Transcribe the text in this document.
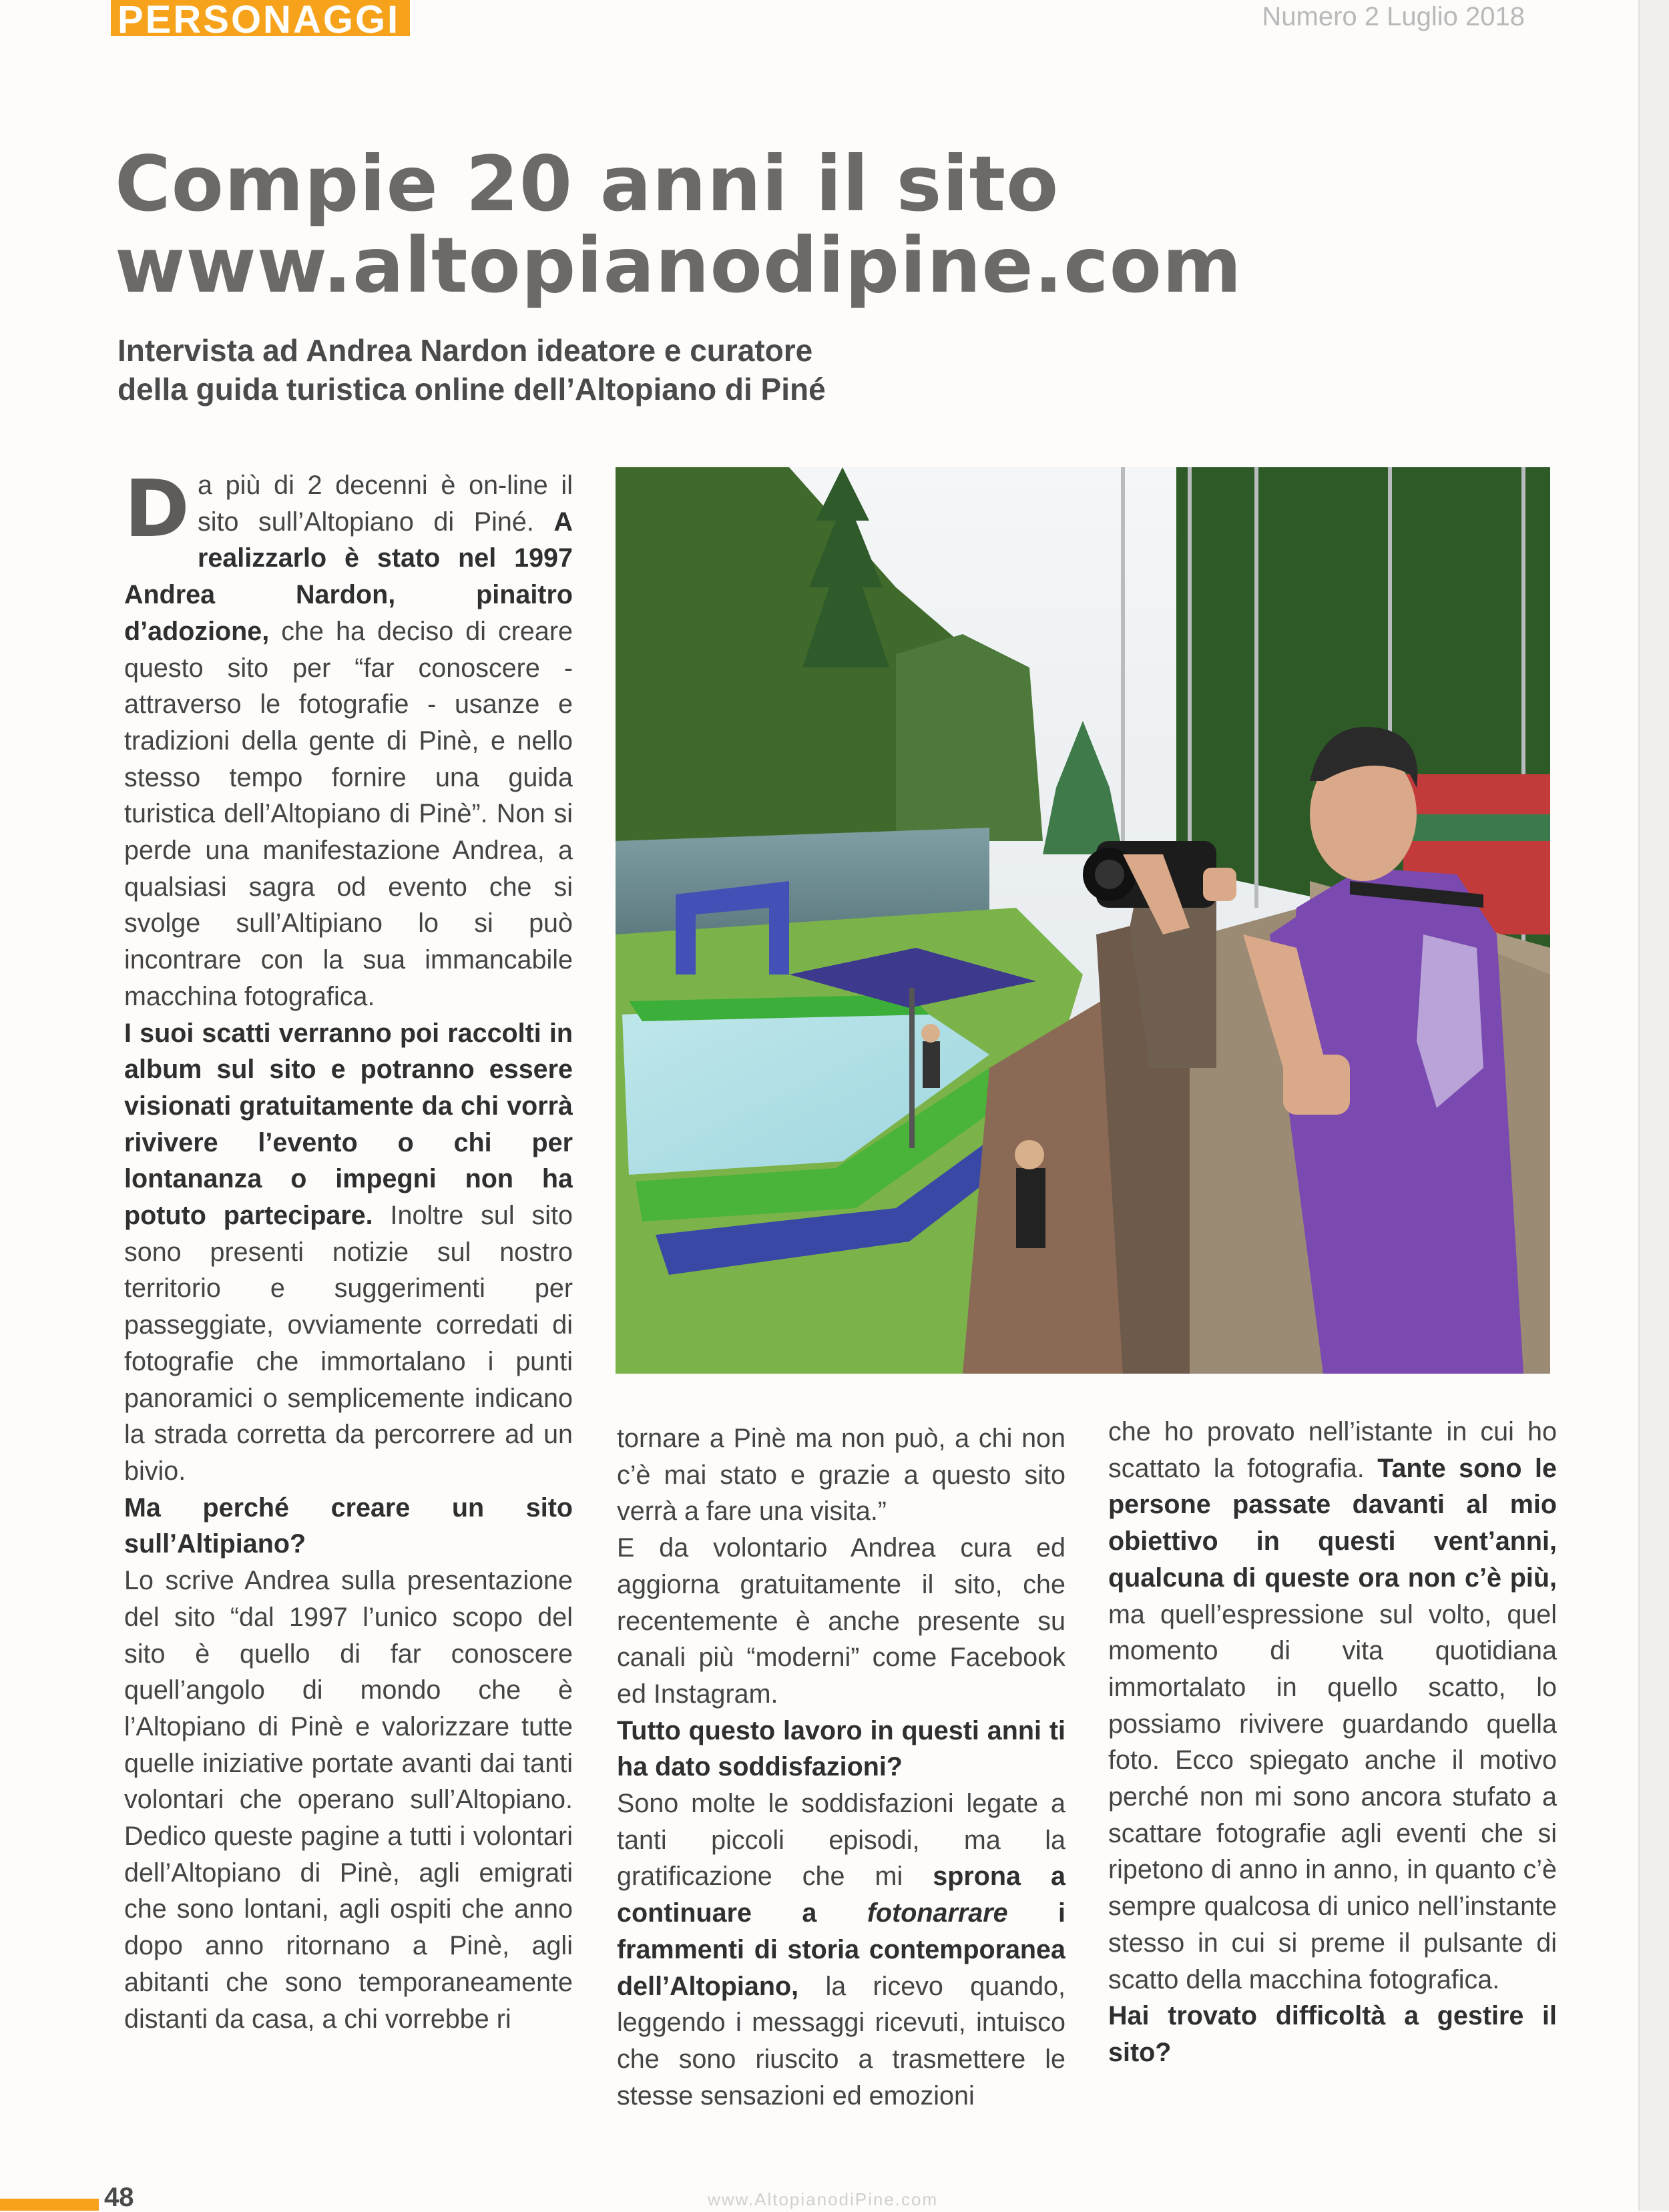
PERSONAGGI	Numero 2 Luglio 2018
Compie 20 anni il sito
www.altopianodipine.com
Intervista ad Andrea Nardon ideatore e curatore
della guida turistica online dell’Altopiano di Piné

Da più di 2 decenni è on-line il sito sull’Altopiano di Piné. A realizzarlo è stato nel 1997 Andrea Nardon, pinaitro d’adozione, che ha deciso di creare questo sito per “far conoscere - attraverso le fotografie - usanze e tradizioni della gente di Pinè, e nello stesso tempo fornire una guida turistica dell’Altopiano di Pinè”. Non si perde una manifestazione Andrea, a qualsiasi sagra od evento che si svolge sull’Altipiano lo si può incontrare con la sua immancabile macchina fotografica.

I suoi scatti verranno poi raccolti in album sul sito e potranno essere visionati gratuitamente da chi vorrà rivivere l’evento o chi per lontananza o impegni non ha potuto partecipare. Inoltre sul sito sono presenti notizie sul nostro territorio e suggerimenti per passeggiate, ovviamente corredati di fotografie che immortalano i punti panoramici o semplicemente indicano la strada corretta da percorrere ad un bivio.

Ma perché creare un sito sull’Altipiano?

Lo scrive Andrea sulla presentazione del sito “dal 1997 l’unico scopo del sito è quello di far conoscere quell’angolo di mondo che è l’Altopiano di Pinè e valorizzare tutte quelle iniziative portate avanti dai tanti volontari che operano sull’Altopiano. Dedico queste pagine a tutti i volontari dell’Altopiano di Pinè, agli emigrati che sono lontani, agli ospiti che anno dopo anno ritornano a Pinè, agli abitanti che sono temporaneamente distanti da casa, a chi vorrebbe ri

tornare a Pinè ma non può, a chi non c’è mai stato e grazie a questo sito verrà a fare una visita.”

E da volontario Andrea cura ed aggiorna gratuitamente il sito, che recentemente è anche presente su canali più “moderni” come Facebook ed Instagram.

Tutto questo lavoro in questi anni ti ha dato soddisfazioni?

Sono molte le soddisfazioni legate a tanti piccoli episodi, ma la gratificazione che mi sprona a continuare a fotonarrare i frammenti di storia contemporanea dell’Altopiano, la ricevo quando, leggendo i messaggi ricevuti, intuisco che sono riuscito a trasmettere le stesse sensazioni ed emozioni

che ho provato nell’istante in cui ho scattato la fotografia. Tante sono le persone passate davanti al mio obiettivo in questi vent’anni, qualcuna di queste ora non c’è più, ma quell’espressione sul volto, quel momento di vita quotidiana immortalato in quello scatto, lo possiamo rivivere guardando quella foto. Ecco spiegato anche il motivo perché non mi sono ancora stufato a scattare fotografie agli eventi che si ripetono di anno in anno, in quanto c’è sempre qualcosa di unico nell’instante stesso in cui si preme il pulsante di scatto della macchina fotografica.

Hai trovato difficoltà a gestire il sito?

48	www.AltopianodiPine.com
